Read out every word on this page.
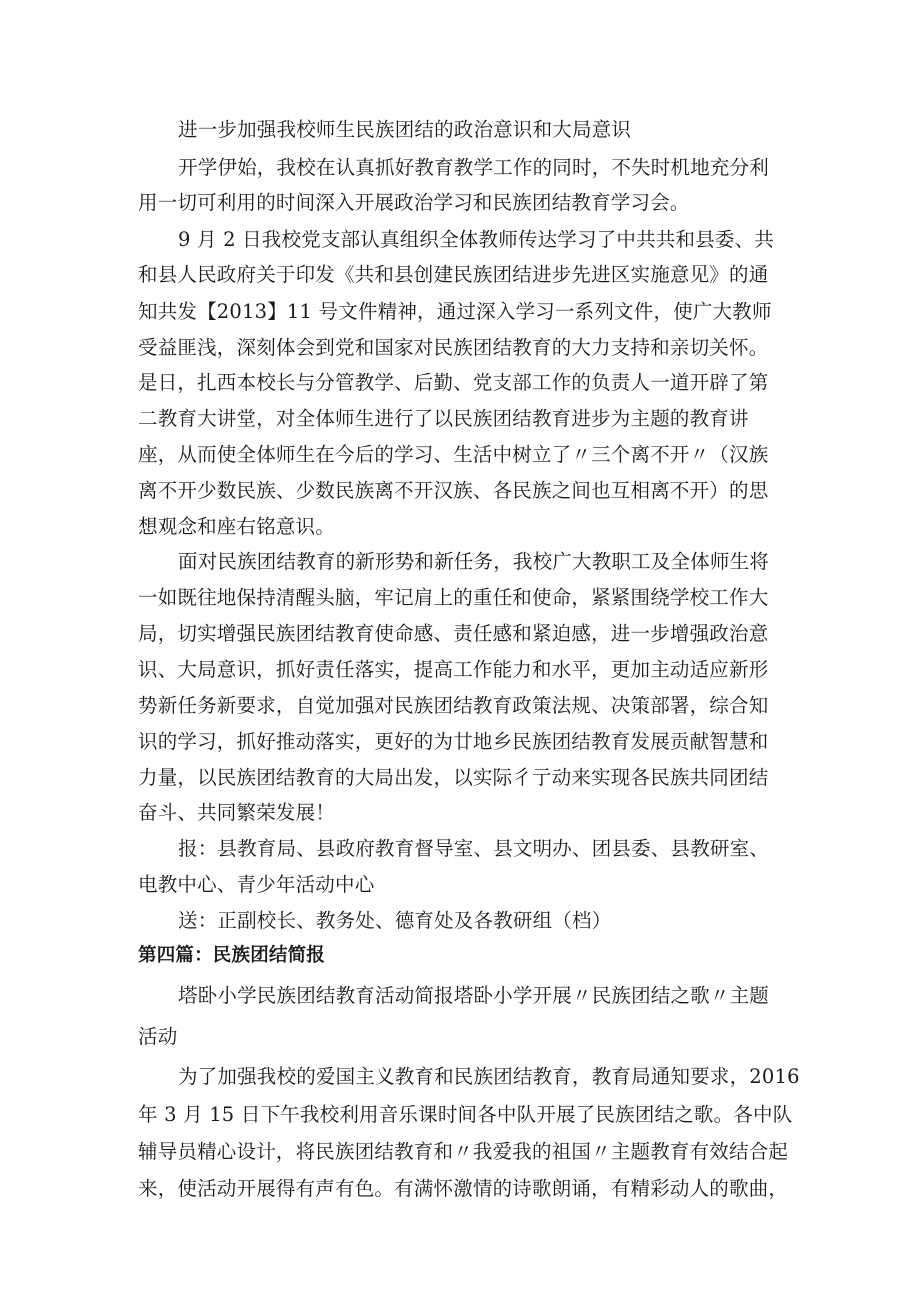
进一步加强我校师生民族团结的政治意识和大局意识
开学伊始，我校在认真抓好教育教学工作的同时，不失时机地充分利
用一切可利用的时间深入开展政治学习和民族团结教育学习会。
9 月 2 日我校党支部认真组织全体教师传达学习了中共共和县委、共
和县人民政府关于印发《共和县创建民族团结进步先进区实施意见》的通
知共发【2013】11 号文件精神，通过深入学习一系列文件，使广大教师
受益匪浅，深刻体会到党和国家对民族团结教育的大力支持和亲切关怀。
是日，扎西本校长与分管教学、后勤、党支部工作的负责人一道开辟了第
二教育大讲堂，对全体师生进行了以民族团结教育进步为主题的教育讲
座，从而使全体师生在今后的学习、生活中树立了〃三个离不开〃（汉族
离不开少数民族、少数民族离不开汉族、各民族之间也互相离不开）的思
想观念和座右铭意识。
面对民族团结教育的新形势和新任务，我校广大教职工及全体师生将
一如既往地保持清醒头脑，牢记肩上的重任和使命，紧紧围绕学校工作大
局，切实增强民族团结教育使命感、责任感和紧迫感，进一步增强政治意
识、大局意识，抓好责任落实，提高工作能力和水平，更加主动适应新形
势新任务新要求，自觉加强对民族团结教育政策法规、决策部署，综合知
识的学习，抓好推动落实，更好的为廿地乡民族团结教育发展贡献智慧和
力量，以民族团结教育的大局出发，以实际彳亍动来实现各民族共同团结
奋斗、共同繁荣发展！
报：县教育局、县政府教育督导室、县文明办、团县委、县教研室、
电教中心、青少年活动中心
送：正副校长、教务处、德育处及各教研组（档）
第四篇：民族团结简报
塔卧小学民族团结教育活动简报塔卧小学开展〃民族团结之歌〃主题
活动
为了加强我校的爱国主义教育和民族团结教育，教育局通知要求，2016
年 3 月 15 日下午我校利用音乐课时间各中队开展了民族团结之歌。各中队
辅导员精心设计，将民族团结教育和〃我爱我的祖国〃主题教育有效结合起
来，使活动开展得有声有色。有满怀激情的诗歌朗诵，有精彩动人的歌曲，
